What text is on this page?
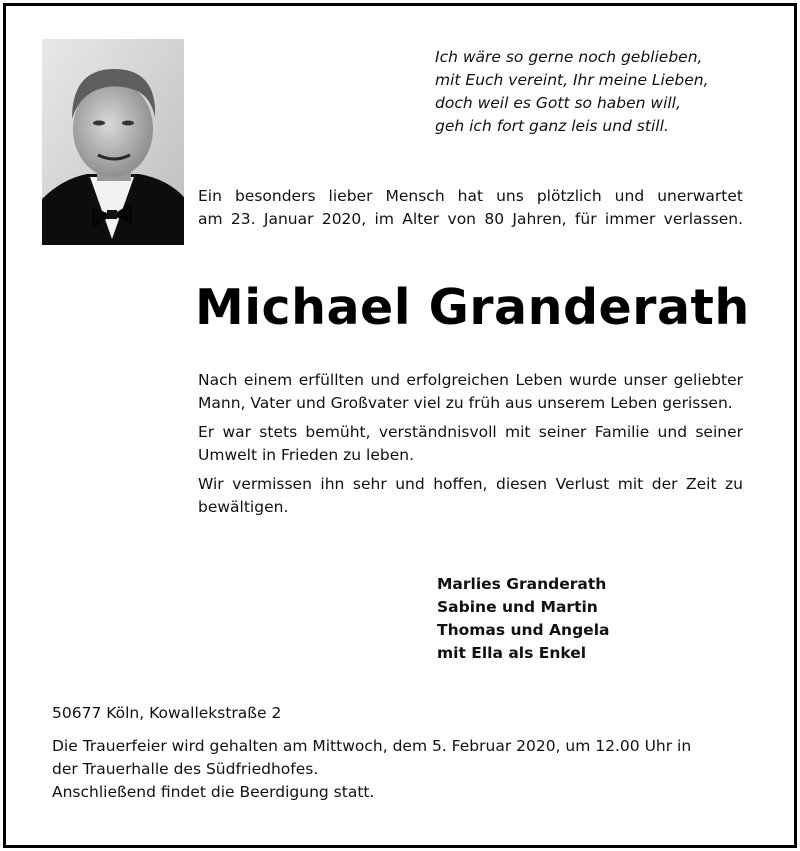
Ich wäre so gerne noch geblieben,
mit Euch vereint, Ihr meine Lieben,
doch weil es Gott so haben will,
geh ich fort ganz leis und still.
Ein besonders lieber Mensch hat uns plötzlich und unerwartet
am 23. Januar 2020, im Alter von 80 Jahren, für immer verlassen.
Michael Granderath

Nach einem erfüllten und erfolgreichen Leben wurde unser geliebter Mann, Vater und Großvater viel zu früh aus unserem Leben gerissen.

Er war stets bemüht, verständnisvoll mit seiner Familie und seiner Umwelt in Frieden zu leben.

Wir vermissen ihn sehr und hoffen, diesen Verlust mit der Zeit zu bewältigen.

Marlies Granderath
Sabine und Martin
Thomas und Angela
mit Ella als Enkel
50677 Köln, Kowallekstraße 2
Die Trauerfeier wird gehalten am Mittwoch, dem 5. Februar 2020, um 12.00 Uhr in
der Trauerhalle des Südfriedhofes.
Anschließend findet die Beerdigung statt.
